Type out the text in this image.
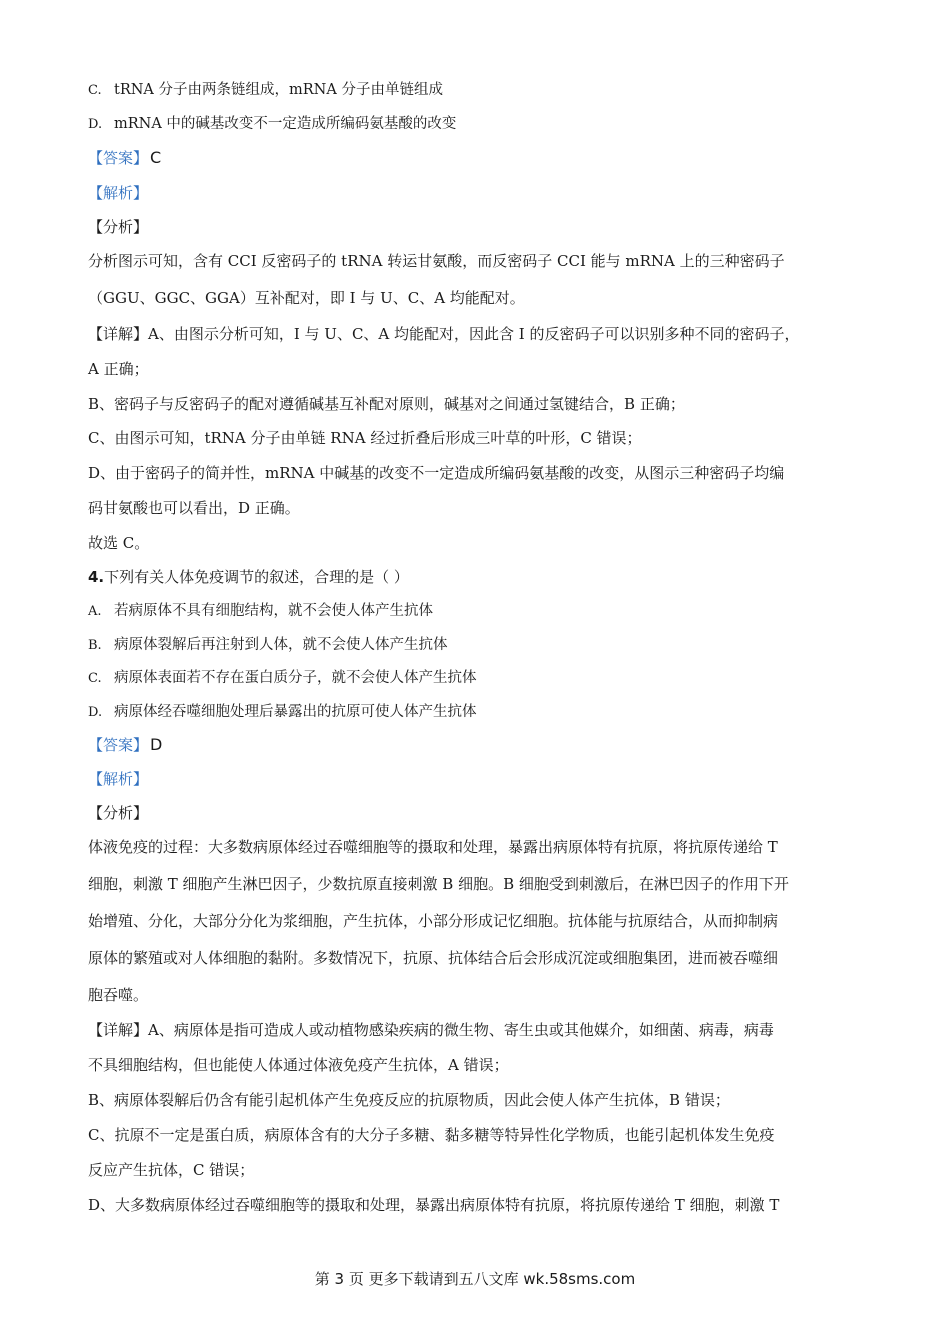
C. tRNA 分子由两条链组成，mRNA 分子由单链组成
D. mRNA 中的碱基改变不一定造成所编码氨基酸的改变
【答案】 C
【解析】
【分析】
分析图示可知，含有 CCI 反密码子的 tRNA 转运甘氨酸，而反密码子 CCI 能与 mRNA 上的三种密码子
（GGU、GGC、GGA）互补配对，即 I 与 U、C、A 均能配对。
【详解】A、由图示分析可知，I 与 U、C、A 均能配对，因此含 I 的反密码子可以识别多种不同的密码子，
A 正确；
B、密码子与反密码子的配对遵循碱基互补配对原则，碱基对之间通过氢键结合，B 正确；
C、由图示可知，tRNA 分子由单链 RNA 经过折叠后形成三叶草的叶形，C 错误；
D、由于密码子的简并性，mRNA 中碱基的改变不一定造成所编码氨基酸的改变，从图示三种密码子均编
码甘氨酸也可以看出，D 正确。
故选 C。
4.下列有关人体免疫调节的叙述，合理的是（ ）
A. 若病原体不具有细胞结构，就不会使人体产生抗体
B. 病原体裂解后再注射到人体，就不会使人体产生抗体
C. 病原体表面若不存在蛋白质分子，就不会使人体产生抗体
D. 病原体经吞噬细胞处理后暴露出的抗原可使人体产生抗体
【答案】 D
【解析】
【分析】
体液免疫的过程：大多数病原体经过吞噬细胞等的摄取和处理，暴露出病原体特有抗原，将抗原传递给 T
细胞，刺激 T 细胞产生淋巴因子，少数抗原直接刺激 B 细胞。B 细胞受到刺激后，在淋巴因子的作用下开
始增殖、分化，大部分分化为浆细胞，产生抗体，小部分形成记忆细胞。抗体能与抗原结合，从而抑制病
原体的繁殖或对人体细胞的黏附。多数情况下，抗原、抗体结合后会形成沉淀或细胞集团，进而被吞噬细
胞吞噬。
【详解】A、病原体是指可造成人或动植物感染疾病的微生物、寄生虫或其他媒介，如细菌、病毒，病毒
不具细胞结构，但也能使人体通过体液免疫产生抗体，A 错误；
B、病原体裂解后仍含有能引起机体产生免疫反应的抗原物质，因此会使人体产生抗体，B 错误；
C、抗原不一定是蛋白质，病原体含有的大分子多糖、黏多糖等特异性化学物质，也能引起机体发生免疫
反应产生抗体，C 错误；
D、大多数病原体经过吞噬细胞等的摄取和处理，暴露出病原体特有抗原，将抗原传递给 T 细胞，刺激 T
第 3 页 更多下载请到五八文库 wk.58sms.com
